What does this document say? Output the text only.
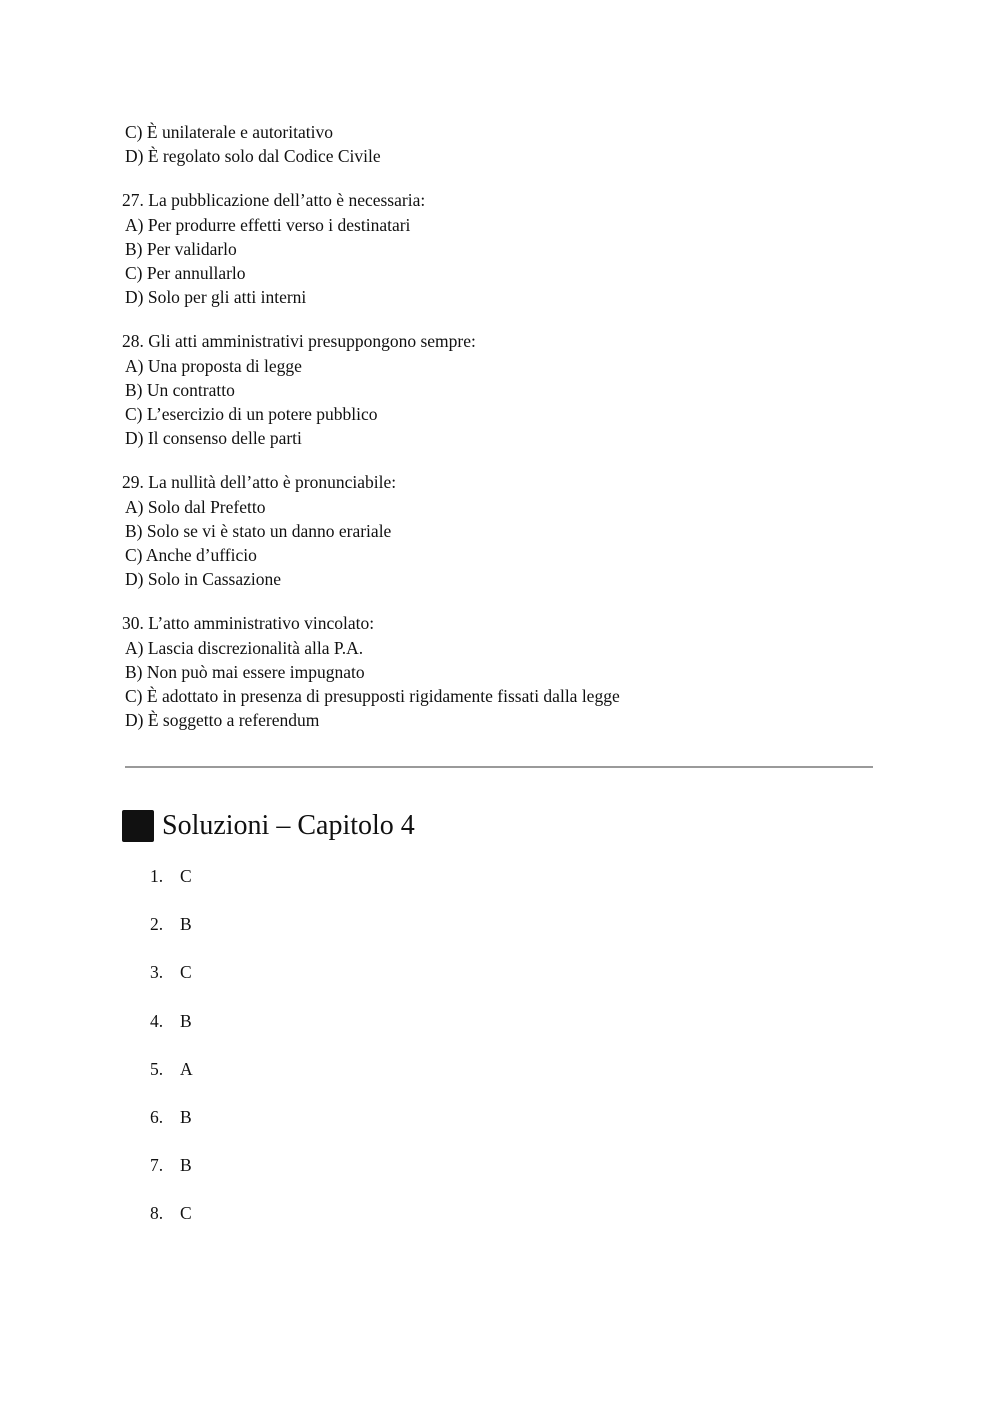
C) È unilaterale e autoritativo
D) È regolato solo dal Codice Civile
27. La pubblicazione dell’atto è necessaria:
A) Per produrre effetti verso i destinatari
B) Per validarlo
C) Per annullarlo
D) Solo per gli atti interni
28. Gli atti amministrativi presuppongono sempre:
A) Una proposta di legge
B) Un contratto
C) L’esercizio di un potere pubblico
D) Il consenso delle parti
29. La nullità dell’atto è pronunciabile:
A) Solo dal Prefetto
B) Solo se vi è stato un danno erariale
C) Anche d’ufficio
D) Solo in Cassazione
30. L’atto amministrativo vincolato:
A) Lascia discrezionalità alla P.A.
B) Non può mai essere impugnato
C) È adottato in presenza di presupposti rigidamente fissati dalla legge
D) È soggetto a referendum
Soluzioni – Capitolo 4
1. C
2. B
3. C
4. B
5. A
6. B
7. B
8. C
